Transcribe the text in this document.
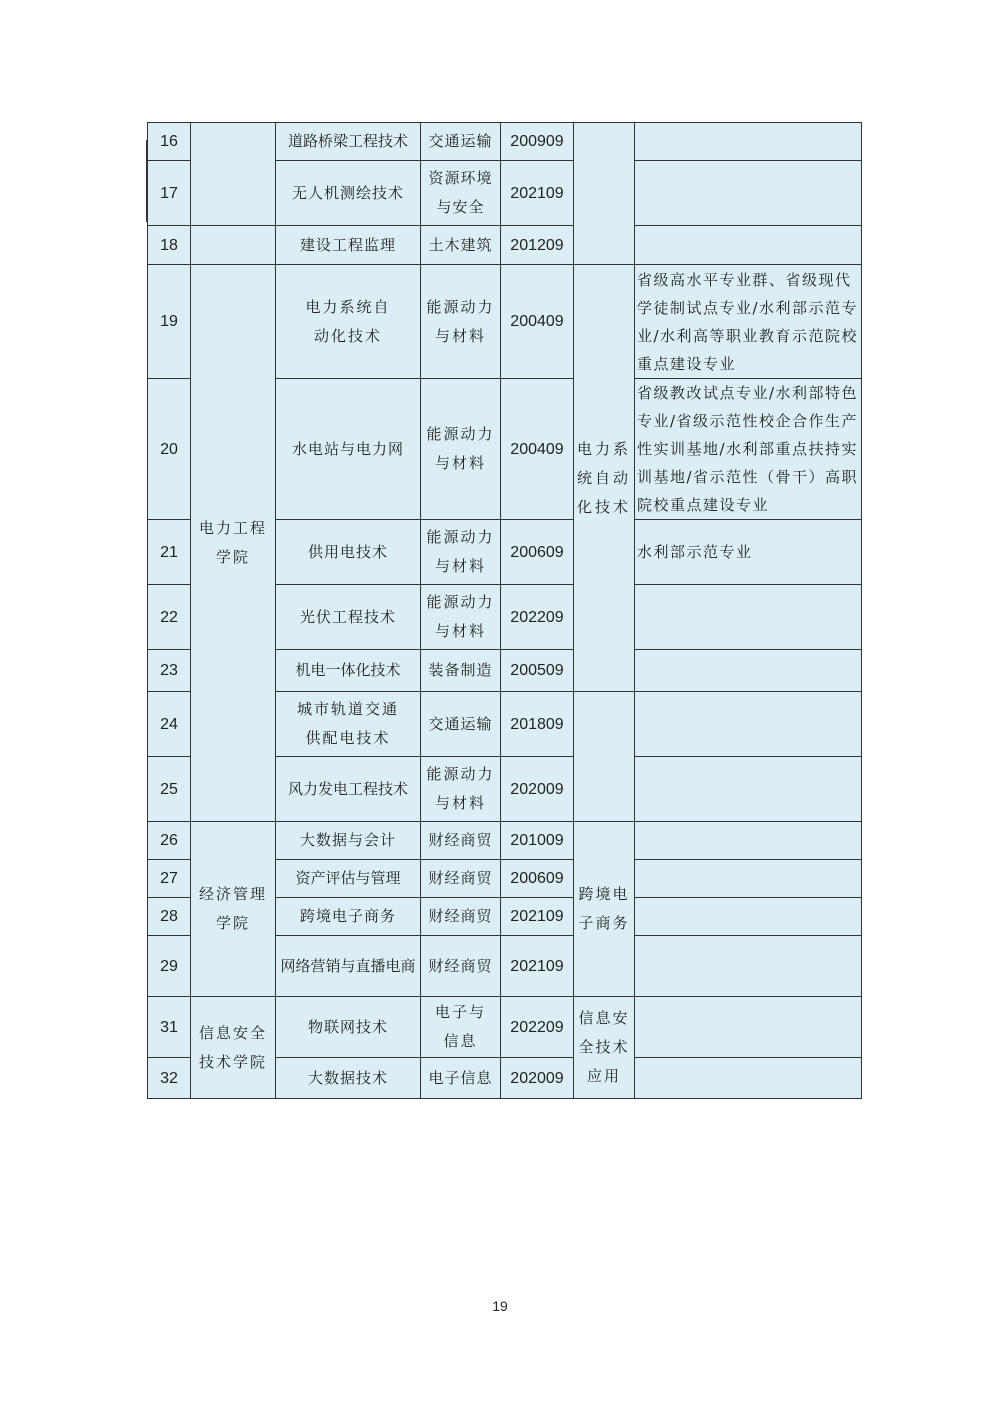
16		道路桥梁工程技术	交通运输	200909		
17		无人机测绘技术	资源环境与安全	202109		
18		建设工程监理	土木建筑	201209		
19	电力工程学院	电力系统自动化技术	能源动力与材料	200409	电力系统自动化技术	省级高水平专业群、省级现代学徒制试点专业/水利部示范专业/水利高等职业教育示范院校重点建设专业
20		水电站与电力网	能源动力与材料	200409		省级教改试点专业/水利部特色专业/省级示范性校企合作生产性实训基地/水利部重点扶持实训基地/省示范性（骨干）高职院校重点建设专业
21		供用电技术	能源动力与材料	200609		水利部示范专业
22		光伏工程技术	能源动力与材料	202209		
23		机电一体化技术	装备制造	200509		
24		城市轨道交通供配电技术	交通运输	201809		
25		风力发电工程技术	能源动力与材料	202009		
26	经济管理学院	大数据与会计	财经商贸	201009	跨境电子商务	
27		资产评估与管理	财经商贸	200609		
28		跨境电子商务	财经商贸	202109		
29		网络营销与直播电商	财经商贸	202109		
31	信息安全技术学院	物联网技术	电子与信息	202209	信息安全技术应用	
32		大数据技术	电子信息	202009		
19
